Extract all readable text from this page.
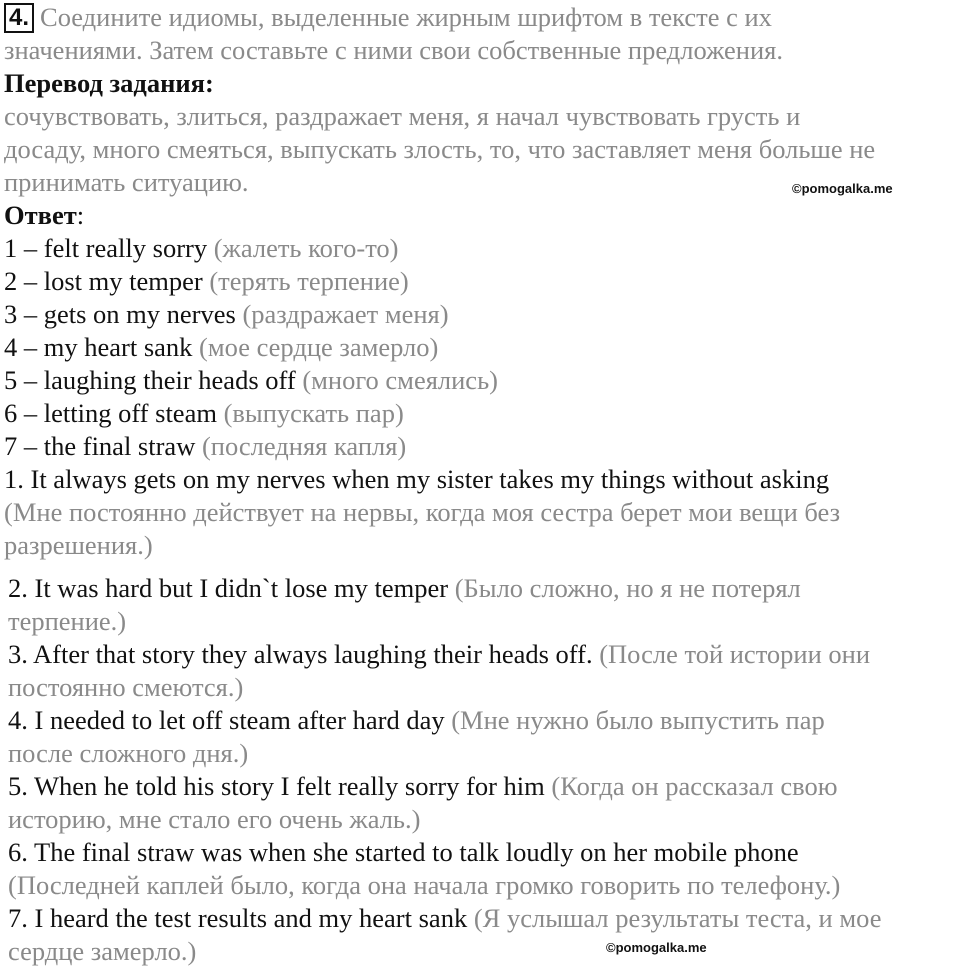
4. Соедините идиомы, выделенные жирным шрифтом в тексте с их
значениями. Затем составьте с ними свои собственные предложения.
Перевод задания:
сочувствовать, злиться, раздражает меня, я начал чувствовать грусть и
досаду, много смеяться, выпускать злость, то, что заставляет меня больше не
принимать ситуацию.
Ответ:
1 – felt really sorry (жалеть кого-то)
2 – lost my temper (терять терпение)
3 – gets on my nerves (раздражает меня)
4 – my heart sank (мое сердце замерло)
5 – laughing their heads off (много смеялись)
6 – letting off steam (выпускать пар)
7 – the final straw (последняя капля)
1. It always gets on my nerves when my sister takes my things without asking
(Мне постоянно действует на нервы, когда моя сестра берет мои вещи без
разрешения.)
2. It was hard but I didn`t lose my temper (Было сложно, но я не потерял
терпение.)
3. After that story they always laughing their heads off. (После той истории они
постоянно смеются.)
4. I needed to let off steam after hard day (Мне нужно было выпустить пар
после сложного дня.)
5. When he told his story I felt really sorry for him (Когда он рассказал свою
историю, мне стало его очень жаль.)
6. The final straw was when she started to talk loudly on her mobile phone
(Последней каплей было, когда она начала громко говорить по телефону.)
7. I heard the test results and my heart sank (Я услышал результаты теста, и мое
сердце замерло.)
©pomogalka.me
©pomogalka.me
